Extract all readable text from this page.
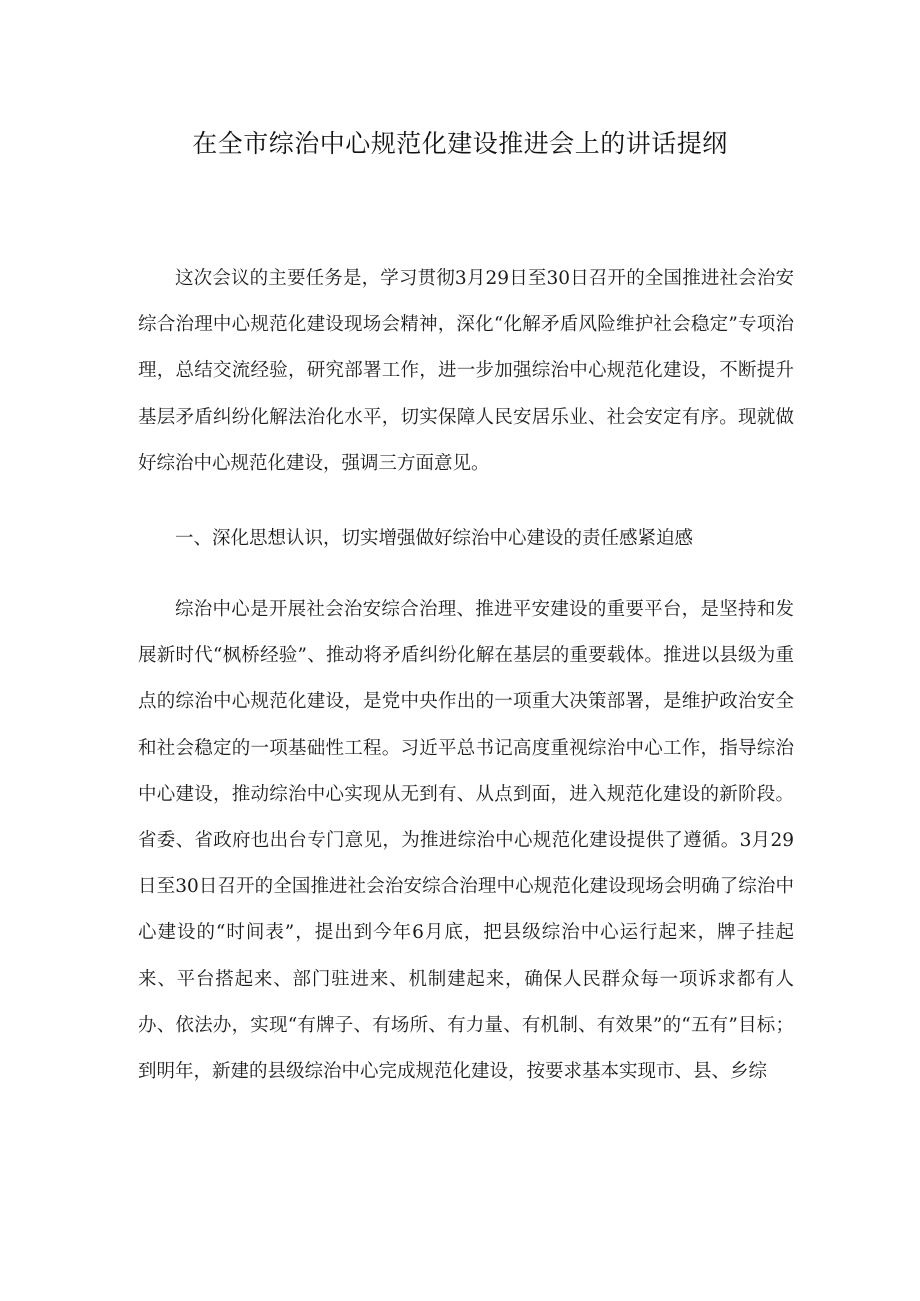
在全市综治中心规范化建设推进会上的讲话提纲

这次会议的主要任务是，学习贯彻3月29日至30日召开的全国推进社会治安综合治理中心规范化建设现场会精神，深化“化解矛盾风险维护社会稳定”专项治理，总结交流经验，研究部署工作，进一步加强综治中心规范化建设，不断提升基层矛盾纠纷化解法治化水平，切实保障人民安居乐业、社会安定有序。现就做好综治中心规范化建设，强调三方面意见。

一、深化思想认识，切实增强做好综治中心建设的责任感紧迫感

综治中心是开展社会治安综合治理、推进平安建设的重要平台，是坚持和发展新时代“枫桥经验”、推动将矛盾纠纷化解在基层的重要载体。推进以县级为重点的综治中心规范化建设，是党中央作出的一项重大决策部署，是维护政治安全和社会稳定的一项基础性工程。习近平总书记高度重视综治中心工作，指导综治中心建设，推动综治中心实现从无到有、从点到面，进入规范化建设的新阶段。省委、省政府也出台专门意见，为推进综治中心规范化建设提供了遵循。3月29日至30日召开的全国推进社会治安综合治理中心规范化建设现场会明确了综治中心建设的“时间表”，提出到今年6月底，把县级综治中心运行起来，牌子挂起来、平台搭起来、部门驻进来、机制建起来，确保人民群众每一项诉求都有人办、依法办，实现“有牌子、有场所、有力量、有机制、有效果”的“五有”目标；到明年，新建的县级综治中心完成规范化建设，按要求基本实现市、县、乡综
